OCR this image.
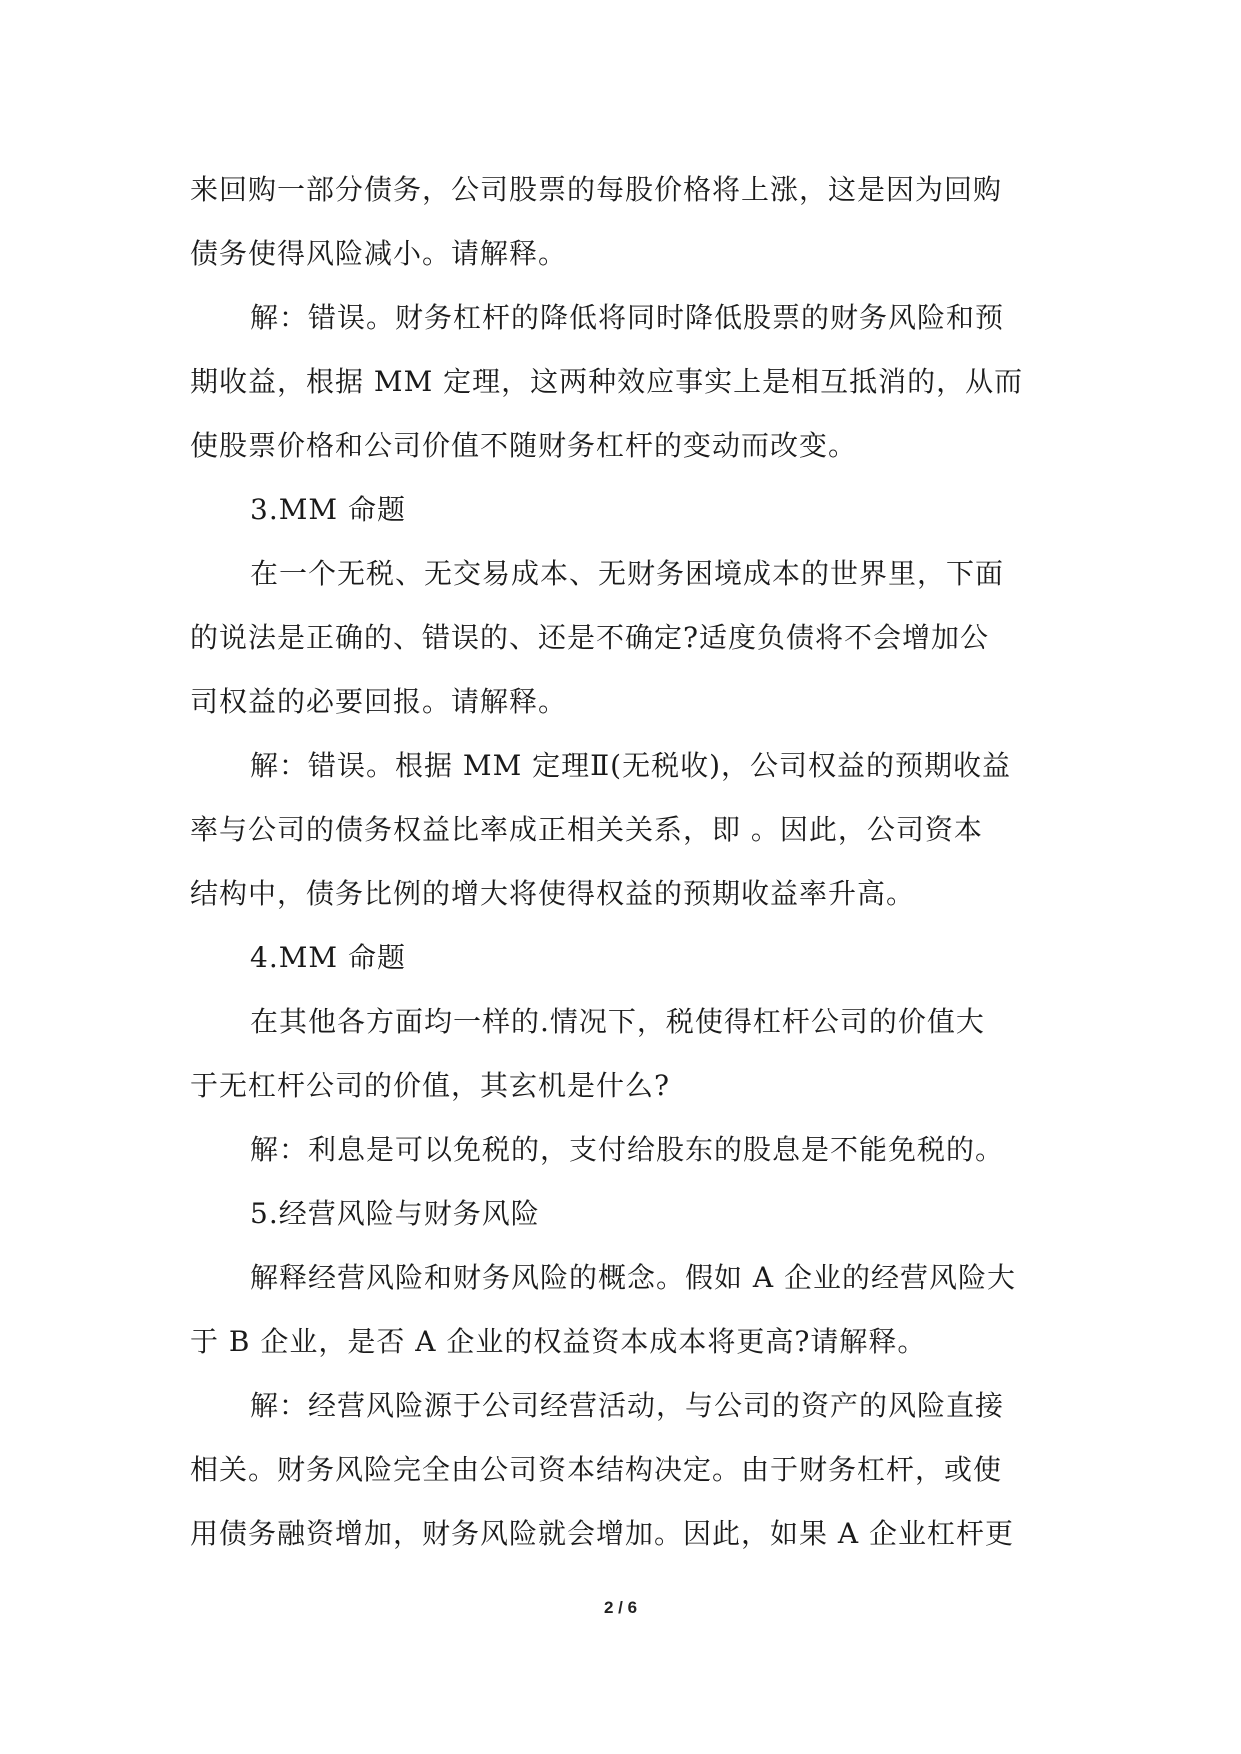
来回购一部分债务，公司股票的每股价格将上涨，这是因为回购
债务使得风险减小。请解释。
解：错误。财务杠杆的降低将同时降低股票的财务风险和预
期收益，根据 MM 定理，这两种效应事实上是相互抵消的，从而
使股票价格和公司价值不随财务杠杆的变动而改变。
3.MM 命题
在一个无税、无交易成本、无财务困境成本的世界里，下面
的说法是正确的、错误的、还是不确定?适度负债将不会增加公
司权益的必要回报。请解释。
解：错误。根据 MM 定理Ⅱ(无税收)，公司权益的预期收益
率与公司的债务权益比率成正相关关系，即 。因此，公司资本
结构中，债务比例的增大将使得权益的预期收益率升高。
4.MM 命题
在其他各方面均一样的.情况下，税使得杠杆公司的价值大
于无杠杆公司的价值，其玄机是什么?
解：利息是可以免税的，支付给股东的股息是不能免税的。
5.经营风险与财务风险
解释经营风险和财务风险的概念。假如 A 企业的经营风险大
于 B 企业，是否 A 企业的权益资本成本将更高?请解释。
解：经营风险源于公司经营活动，与公司的资产的风险直接
相关。财务风险完全由公司资本结构决定。由于财务杠杆，或使
用债务融资增加，财务风险就会增加。因此，如果 A 企业杠杆更
2 / 6
